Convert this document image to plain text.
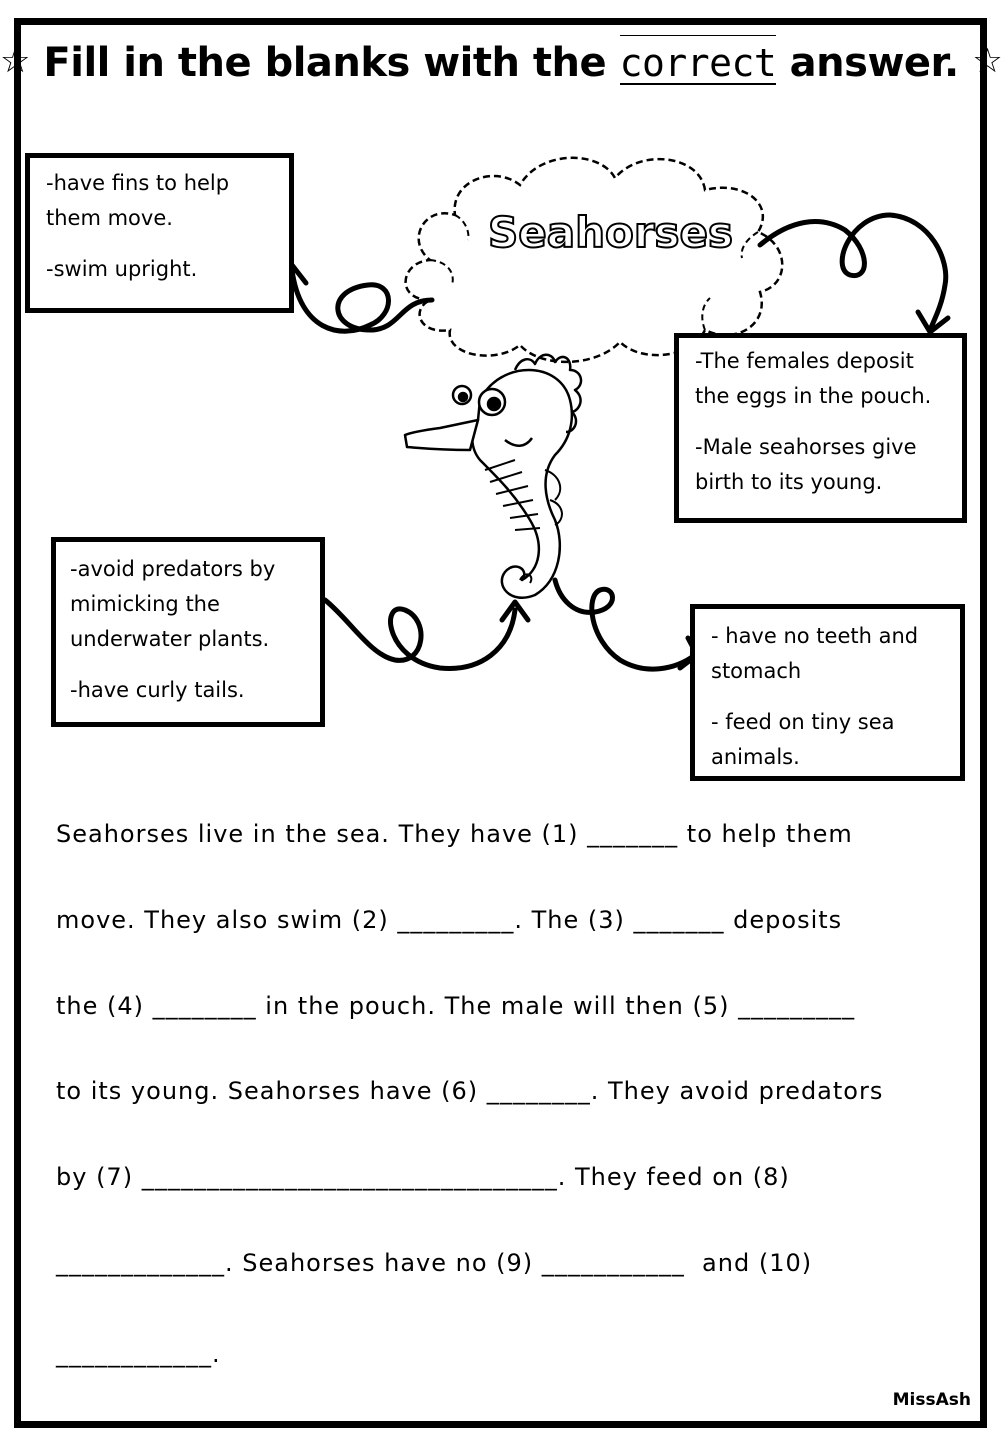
☆ Fill in the blanks with the correct answer. ☆
Seahorses

-have fins to help them move.

-swim upright.

-The females deposit the eggs in the pouch.

-Male seahorses give birth to its young.

-avoid predators by mimicking the underwater plants.

-have curly tails.

- have no teeth and stomach

- feed on tiny sea animals.

Seahorses live in the sea. They have (1) _______ to help them
move. They also swim (2) _________. The (3) _______ deposits
the (4) ________ in the pouch. The male will then (5) _________
to its young. Seahorses have (6) ________. They avoid predators
by (7) ________________________________. They feed on (8)
_____________. Seahorses have no (9) ___________  and (10)
____________.
MissAsh
